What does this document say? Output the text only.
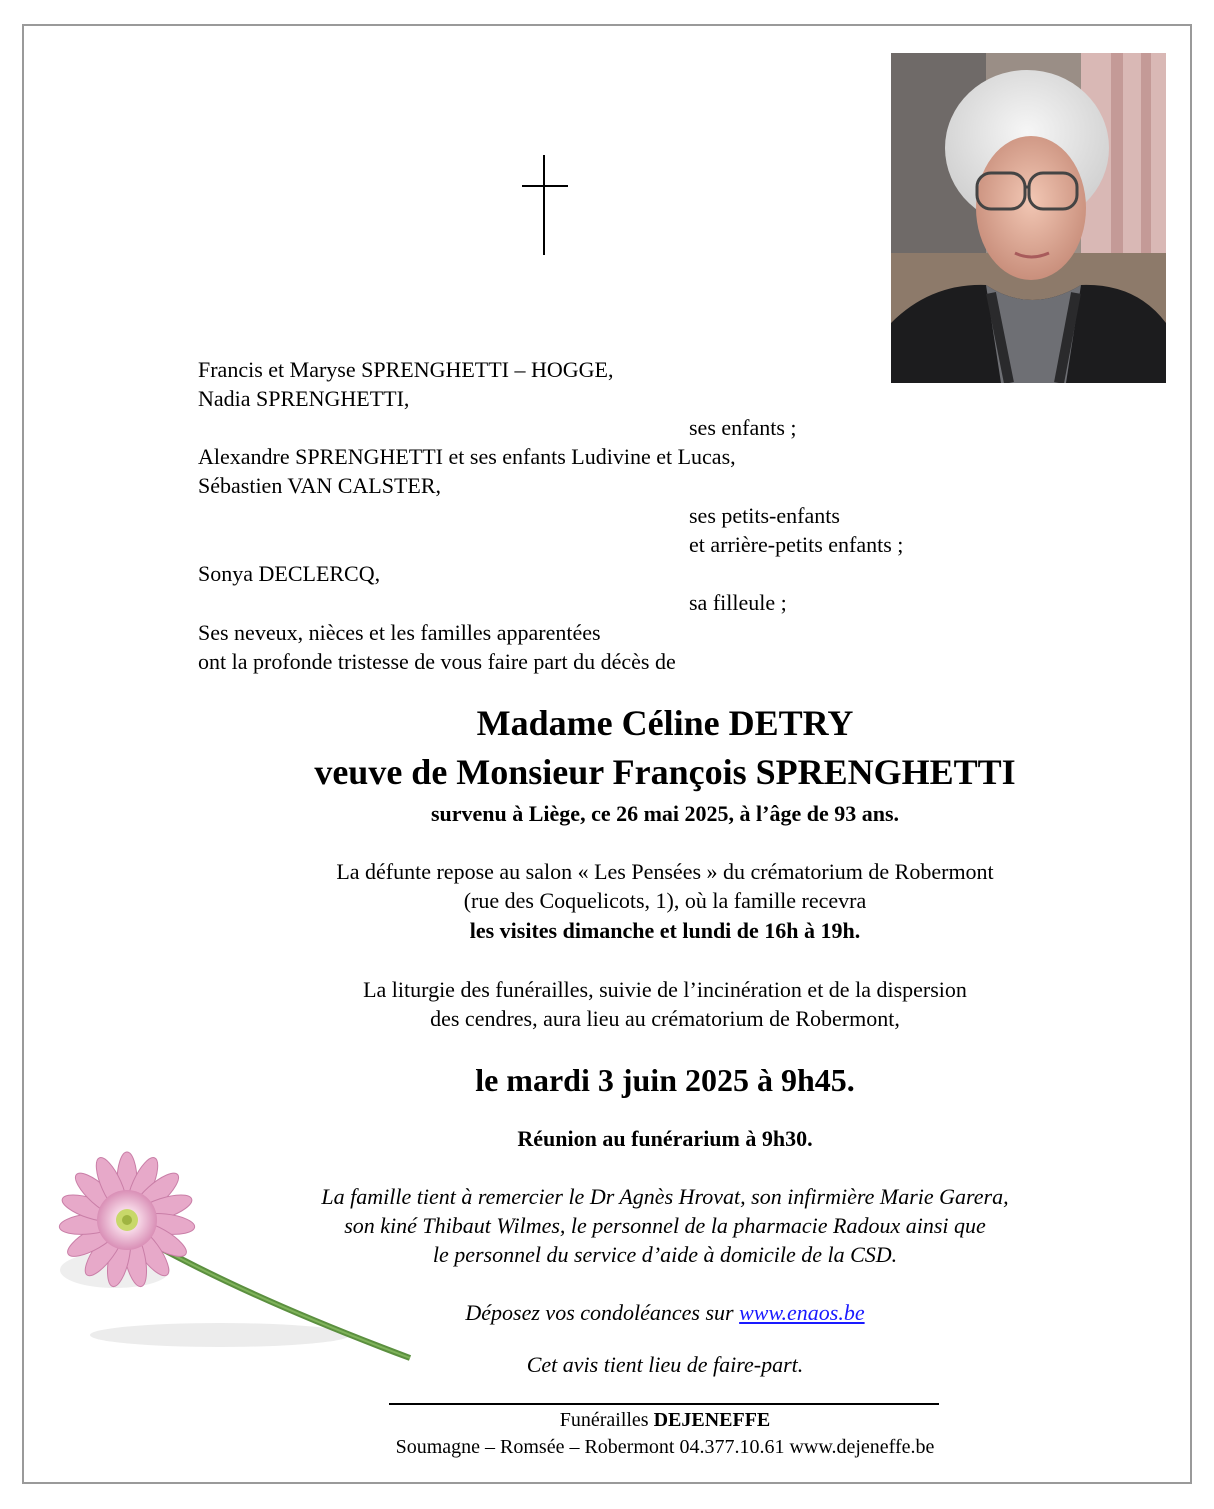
Francis et Maryse SPRENGHETTI – HOGGE,
Nadia SPRENGHETTI,
ses enfants ;
Alexandre SPRENGHETTI et ses enfants Ludivine et Lucas,
Sébastien VAN CALSTER,
ses petits-enfants
et arrière-petits enfants ;
Sonya DECLERCQ,
sa filleule ;
Ses neveux, nièces et les familles apparentées
ont la profonde tristesse de vous faire part du décès de
Madame Céline DETRY
veuve de Monsieur François SPRENGHETTI
survenu à Liège, ce 26 mai 2025, à l’âge de 93 ans.
La défunte repose au salon « Les Pensées » du crématorium de Robermont
(rue des Coquelicots, 1), où la famille recevra
les visites dimanche et lundi de 16h à 19h.
La liturgie des funérailles, suivie de l’incinération et de la dispersion
des cendres, aura lieu au crématorium de Robermont,
le mardi 3 juin 2025 à 9h45.
Réunion au funérarium à 9h30.
La famille tient à remercier le Dr Agnès Hrovat, son infirmière Marie Garera,
son kiné Thibaut Wilmes, le personnel de la pharmacie Radoux ainsi que
le personnel du service d’aide à domicile de la CSD.
Déposez vos condoléances sur www.enaos.be
Cet avis tient lieu de faire-part.
Funérailles DEJENEFFE
Soumagne – Romsée – Robermont 04.377.10.61 www.dejeneffe.be
